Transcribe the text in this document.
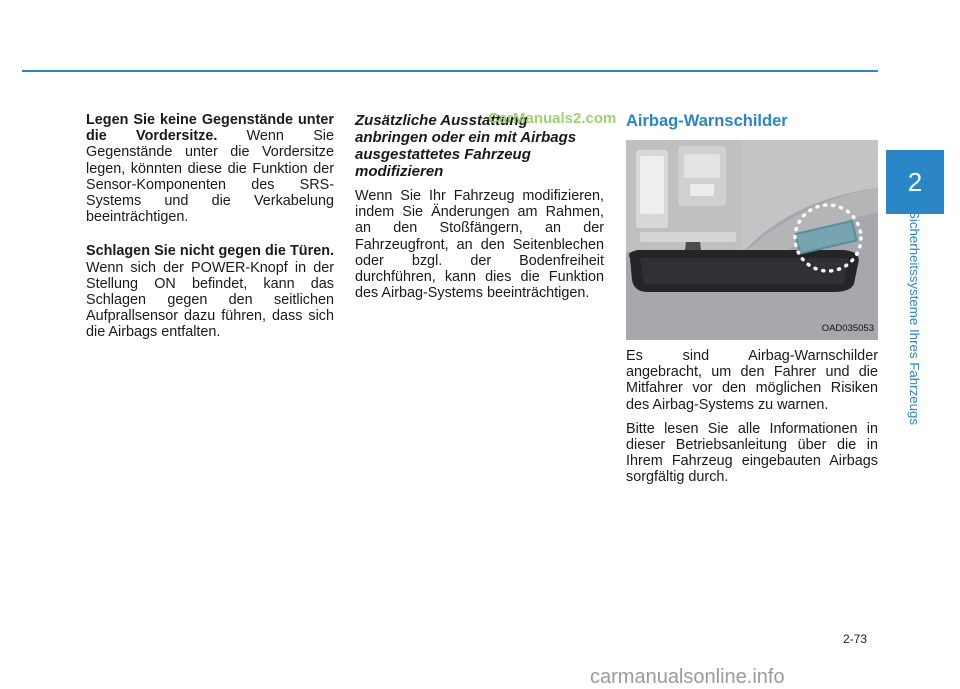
Legen Sie keine Gegenstände unter die Vordersitze. Wenn Sie Gegenstände unter die Vordersitze legen, könnten diese die Funktion der Sensor-Komponenten des SRS-Systems und die Verkabelung beeinträchtigen.

Schlagen Sie nicht gegen die Türen. Wenn sich der POWER-Knopf in der Stellung ON befindet, kann das Schlagen gegen den seitlichen Aufprallsensor dazu führen, dass sich die Airbags entfalten.

Zusätzliche Ausstattung anbringen oder ein mit Airbags ausgestattetes Fahrzeug modifizieren

Wenn Sie Ihr Fahrzeug modifizieren, indem Sie Änderungen am Rahmen, an den Stoßfängern, an der Fahrzeugfront, an den Seitenblechen oder bzgl. der Bodenfreiheit durchführen, kann dies die Funktion des Airbag-Systems beeinträchtigen.

Airbag-Warnschilder
OAD035053

Es sind Airbag-Warnschilder angebracht, um den Fahrer und die Mitfahrer vor den möglichen Risiken des Airbag-Systems zu warnen.

Bitte lesen Sie alle Informationen in dieser Betriebsanleitung über die in Ihrem Fahrzeug eingebauten Airbags sorgfältig durch.

CarManuals2.com
2
Sicherheitssysteme Ihres Fahrzeugs
2-73
carmanualsonline.info
